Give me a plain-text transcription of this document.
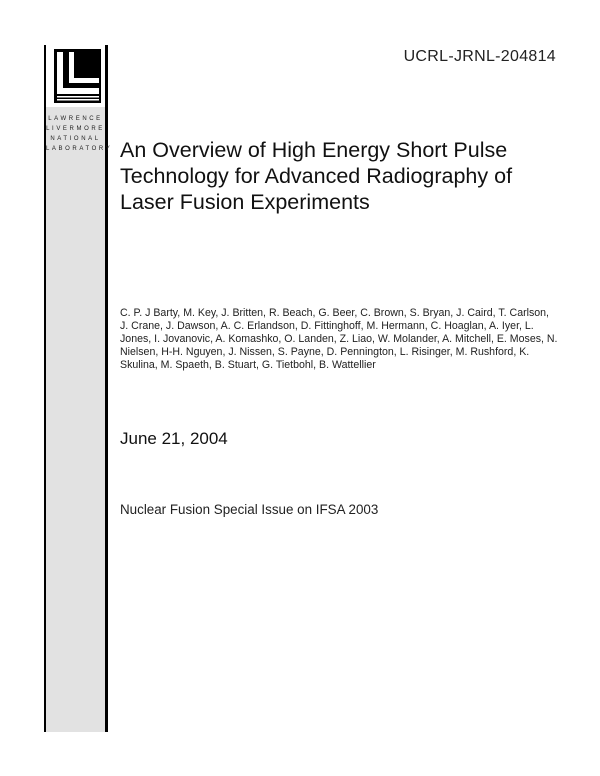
LAWRENCE
LIVERMORE
NATIONAL
LABORATORY
UCRL-JRNL-204814
An Overview of High Energy Short Pulse Technology for Advanced Radiography of Laser Fusion Experiments
C. P. J Barty, M. Key, J. Britten, R. Beach, G. Beer, C. Brown, S. Bryan, J. Caird, T. Carlson, J. Crane, J. Dawson, A. C. Erlandson, D. Fittinghoff, M. Hermann, C. Hoaglan, A. Iyer, L. Jones, I. Jovanovic, A. Komashko, O. Landen, Z. Liao, W. Molander, A. Mitchell, E. Moses, N. Nielsen, H-H. Nguyen, J. Nissen, S. Payne, D. Pennington, L. Risinger, M. Rushford, K. Skulina, M. Spaeth, B. Stuart, G. Tietbohl, B. Wattellier
June 21, 2004
Nuclear Fusion Special Issue on IFSA 2003
